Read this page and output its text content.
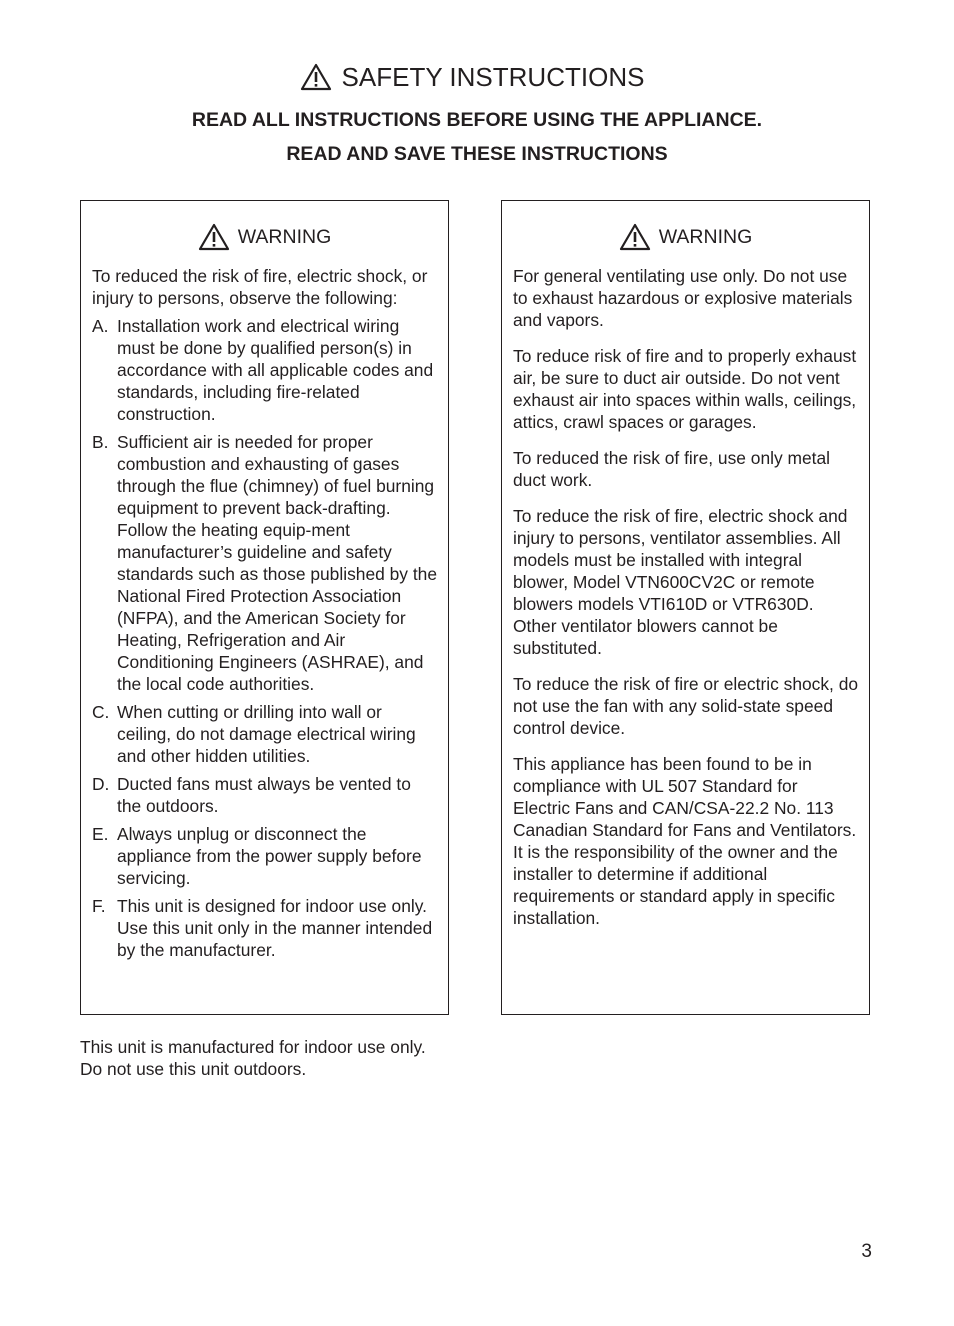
SAFETY INSTRUCTIONS
READ ALL INSTRUCTIONS BEFORE USING THE APPLIANCE.
READ AND SAVE THESE INSTRUCTIONS
WARNING
To reduced the risk of fire, electric shock, or injury to persons, observe the following:
A. Installation work and electrical wiring must be done by qualified person(s) in accordance with all applicable codes and standards, including fire-related construction.
B. Sufficient air is needed for proper combustion and exhausting of gases through the flue (chimney) of fuel burning equipment to prevent back-drafting. Follow the heating equip-ment manufacturer’s guideline and safety standards such as those published by the National Fired Protection Association (NFPA), and the American Society for Heating, Refrigeration and Air Conditioning Engineers (ASHRAE), and the local code authorities.
C. When cutting or drilling into wall or ceiling, do not damage electrical wiring and other hidden utilities.
D. Ducted fans must always be vented to the outdoors.
E. Always unplug or disconnect the appliance from the power supply before servicing.
F. This unit is designed for indoor use only. Use this unit only in the manner intended by the manufacturer.
WARNING

For general ventilating use only. Do not use to exhaust hazardous or explosive materials and vapors.

To reduce risk of fire and to properly exhaust air, be sure to duct air outside. Do not vent exhaust air into spaces within walls, ceilings, attics, crawl spaces or garages.

To reduced the risk of fire, use only metal duct work.

To reduce the risk of fire, electric shock and injury to persons, ventilator assemblies. All models must be installed with integral blower, Model VTN600CV2C or remote blowers models VTI610D or VTR630D. Other ventilator blowers cannot be substituted.

To reduce the risk of fire or electric shock, do not use the fan with any solid-state speed control device.

This appliance has been found to be in compliance with UL 507 Standard for Electric Fans and CAN/CSA-22.2 No. 113 Canadian Standard for Fans and Ventilators. It is the responsibility of the owner and the installer to determine if additional requirements or standard apply in specific installation.

This unit is manufactured for indoor use only. Do not use this unit outdoors.
3
